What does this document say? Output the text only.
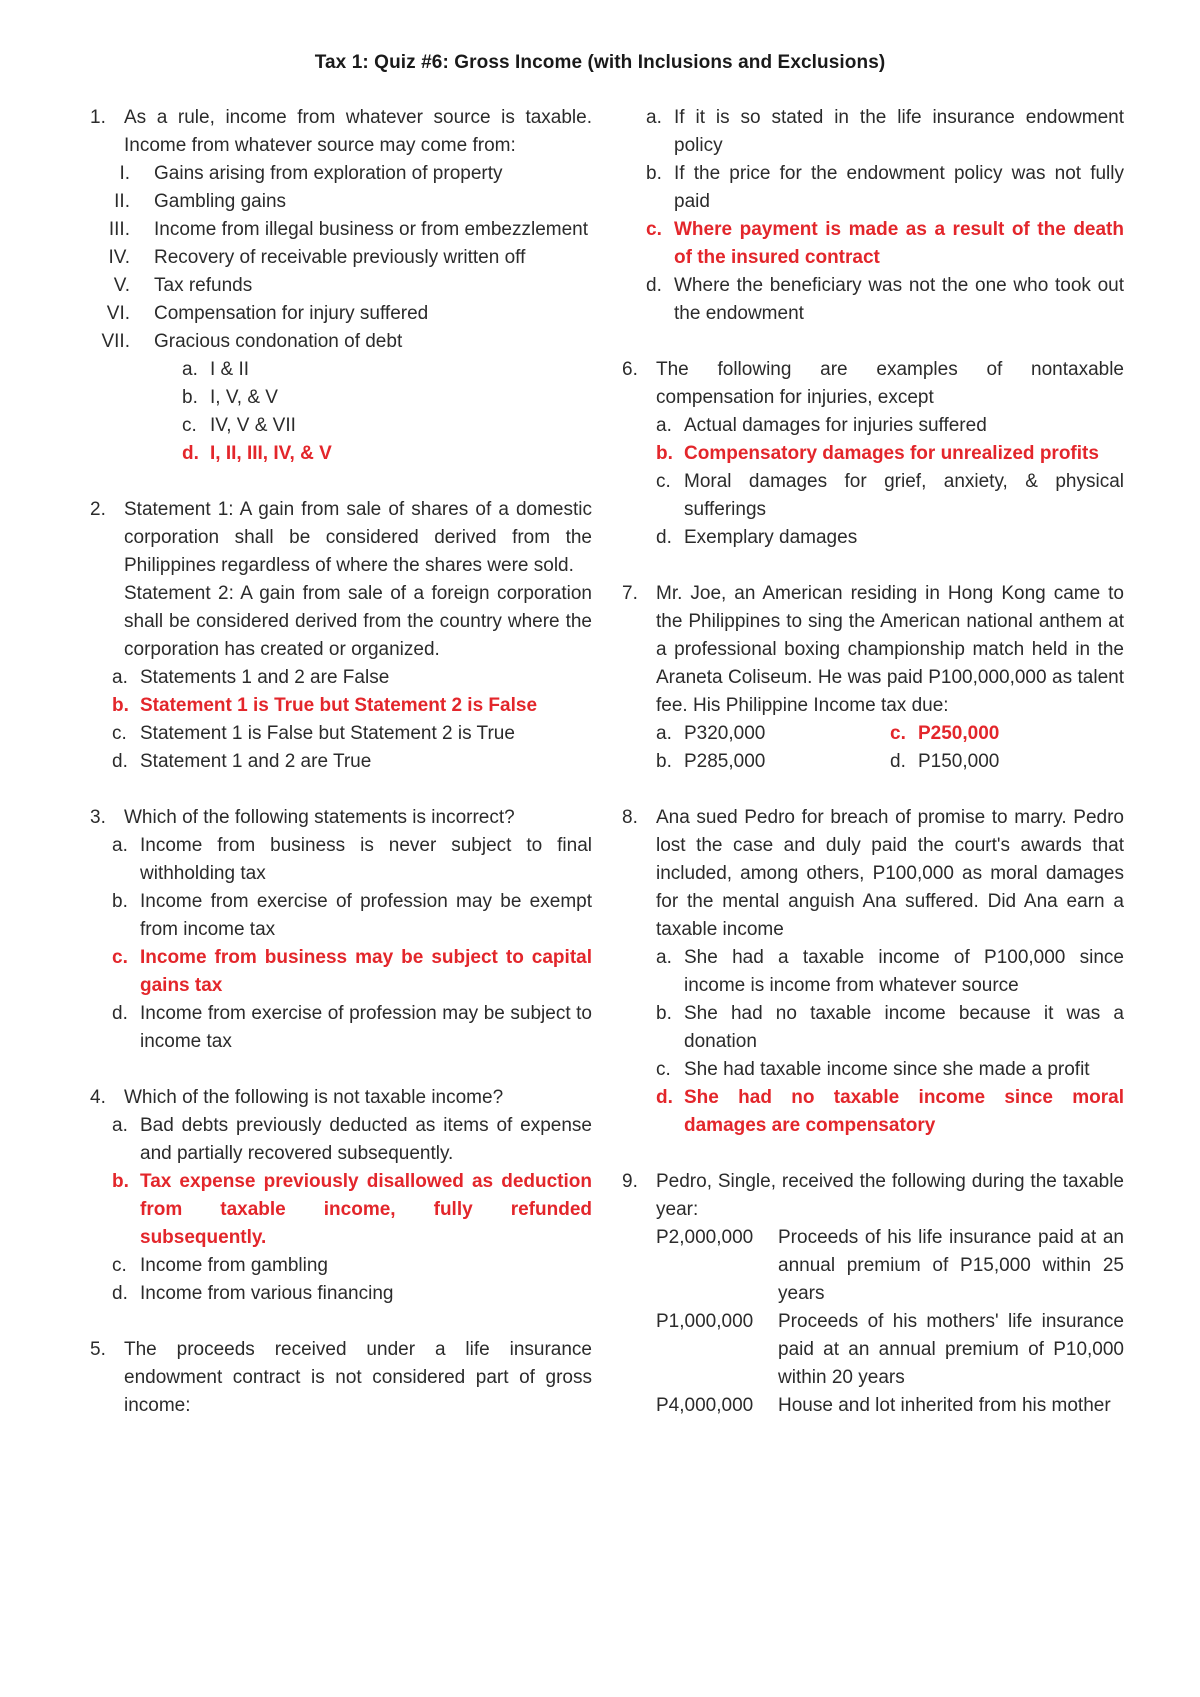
Tax 1: Quiz #6: Gross Income (with Inclusions and Exclusions)
1. As a rule, income from whatever source is taxable. Income from whatever source may come from:
I. Gains arising from exploration of property
II. Gambling gains
III. Income from illegal business or from embezzlement
IV. Recovery of receivable previously written off
V. Tax refunds
VI. Compensation for injury suffered
VII. Gracious condonation of debt
a. I & II
b. I, V, & V
c. IV, V & VII
d. I, II, III, IV, & V
2. Statement 1: A gain from sale of shares of a domestic corporation shall be considered derived from the Philippines regardless of where the shares were sold.
Statement 2: A gain from sale of a foreign corporation shall be considered derived from the country where the corporation has created or organized.
a. Statements 1 and 2 are False
b. Statement 1 is True but Statement 2 is False
c. Statement 1 is False but Statement 2 is True
d. Statement 1 and 2 are True
3. Which of the following statements is incorrect?
a. Income from business is never subject to final withholding tax
b. Income from exercise of profession may be exempt from income tax
c. Income from business may be subject to capital gains tax
d. Income from exercise of profession may be subject to income tax
4. Which of the following is not taxable income?
a. Bad debts previously deducted as items of expense and partially recovered subsequently.
b. Tax expense previously disallowed as deduction from taxable income, fully refunded subsequently.
c. Income from gambling
d. Income from various financing
5. The proceeds received under a life insurance endowment contract is not considered part of gross income:
a. If it is so stated in the life insurance endowment policy
b. If the price for the endowment policy was not fully paid
c. Where payment is made as a result of the death of the insured contract
d. Where the beneficiary was not the one who took out the endowment
6. The following are examples of nontaxable compensation for injuries, except
a. Actual damages for injuries suffered
b. Compensatory damages for unrealized profits
c. Moral damages for grief, anxiety, & physical sufferings
d. Exemplary damages
7. Mr. Joe, an American residing in Hong Kong came to the Philippines to sing the American national anthem at a professional boxing championship match held in the Araneta Coliseum. He was paid P100,000,000 as talent fee. His Philippine Income tax due:
a. P320,000	c. P250,000
b. P285,000	d. P150,000
8. Ana sued Pedro for breach of promise to marry. Pedro lost the case and duly paid the court's awards that included, among others, P100,000 as moral damages for the mental anguish Ana suffered. Did Ana earn a taxable income
a. She had a taxable income of P100,000 since income is income from whatever source
b. She had no taxable income because it was a donation
c. She had taxable income since she made a profit
d. She had no taxable income since moral damages are compensatory
9. Pedro, Single, received the following during the taxable year:
P2,000,000	Proceeds of his life insurance paid at an annual premium of P15,000 within 25 years
P1,000,000	Proceeds of his mothers' life insurance paid at an annual premium of P10,000 within 20 years
P4,000,000	House and lot inherited from his mother
